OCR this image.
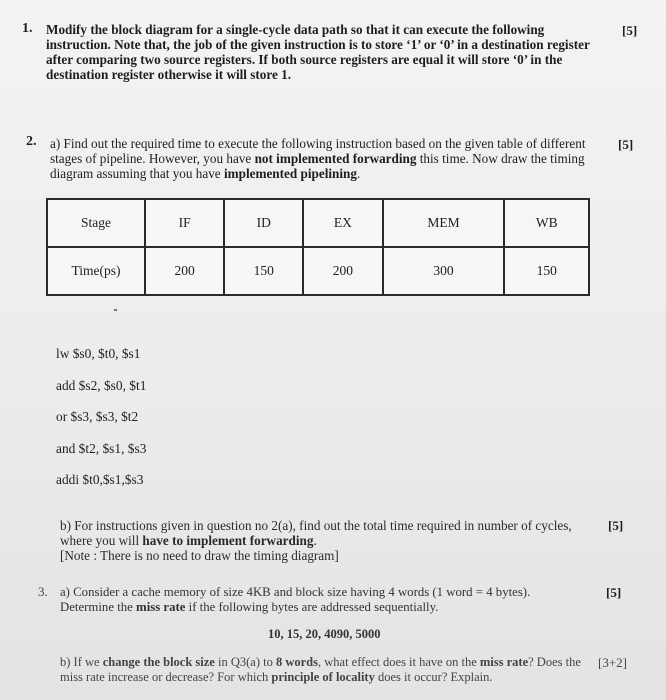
1. Modify the block diagram for a single-cycle data path so that it can execute the following instruction. Note that, the job of the given instruction is to store ‘1’ or ‘0’ in a destination register after comparing two source registers. If both source registers are equal it will store ‘0’ in the destination register otherwise it will store 1.
[5]
2. a) Find out the required time to execute the following instruction based on the given table of different stages of pipeline. However, you have not implemented forwarding this time. Now draw the timing diagram assuming that you have implemented pipelining.
[5]
Stage	IF	ID	EX	MEM	WB
Time(ps)	200	150	200	300	150
lw $s0, $t0, $s1
add $s2, $s0, $t1
or $s3, $s3, $t2
and $t2, $s1, $s3
addi $t0,$s1,$s3
b) For instructions given in question no 2(a), find out the total time required in number of cycles, where you will have to implement forwarding.
[Note : There is no need to draw the timing diagram]
[5]
3. a) Consider a cache memory of size 4KB and block size having 4 words (1 word = 4 bytes). Determine the miss rate if the following bytes are addressed sequentially.
[5]
10, 15, 20, 4090, 5000
b) If we change the block size in Q3(a) to 8 words, what effect does it have on the miss rate? Does the miss rate increase or decrease? For which principle of locality does it occur? Explain.
[3+2]
